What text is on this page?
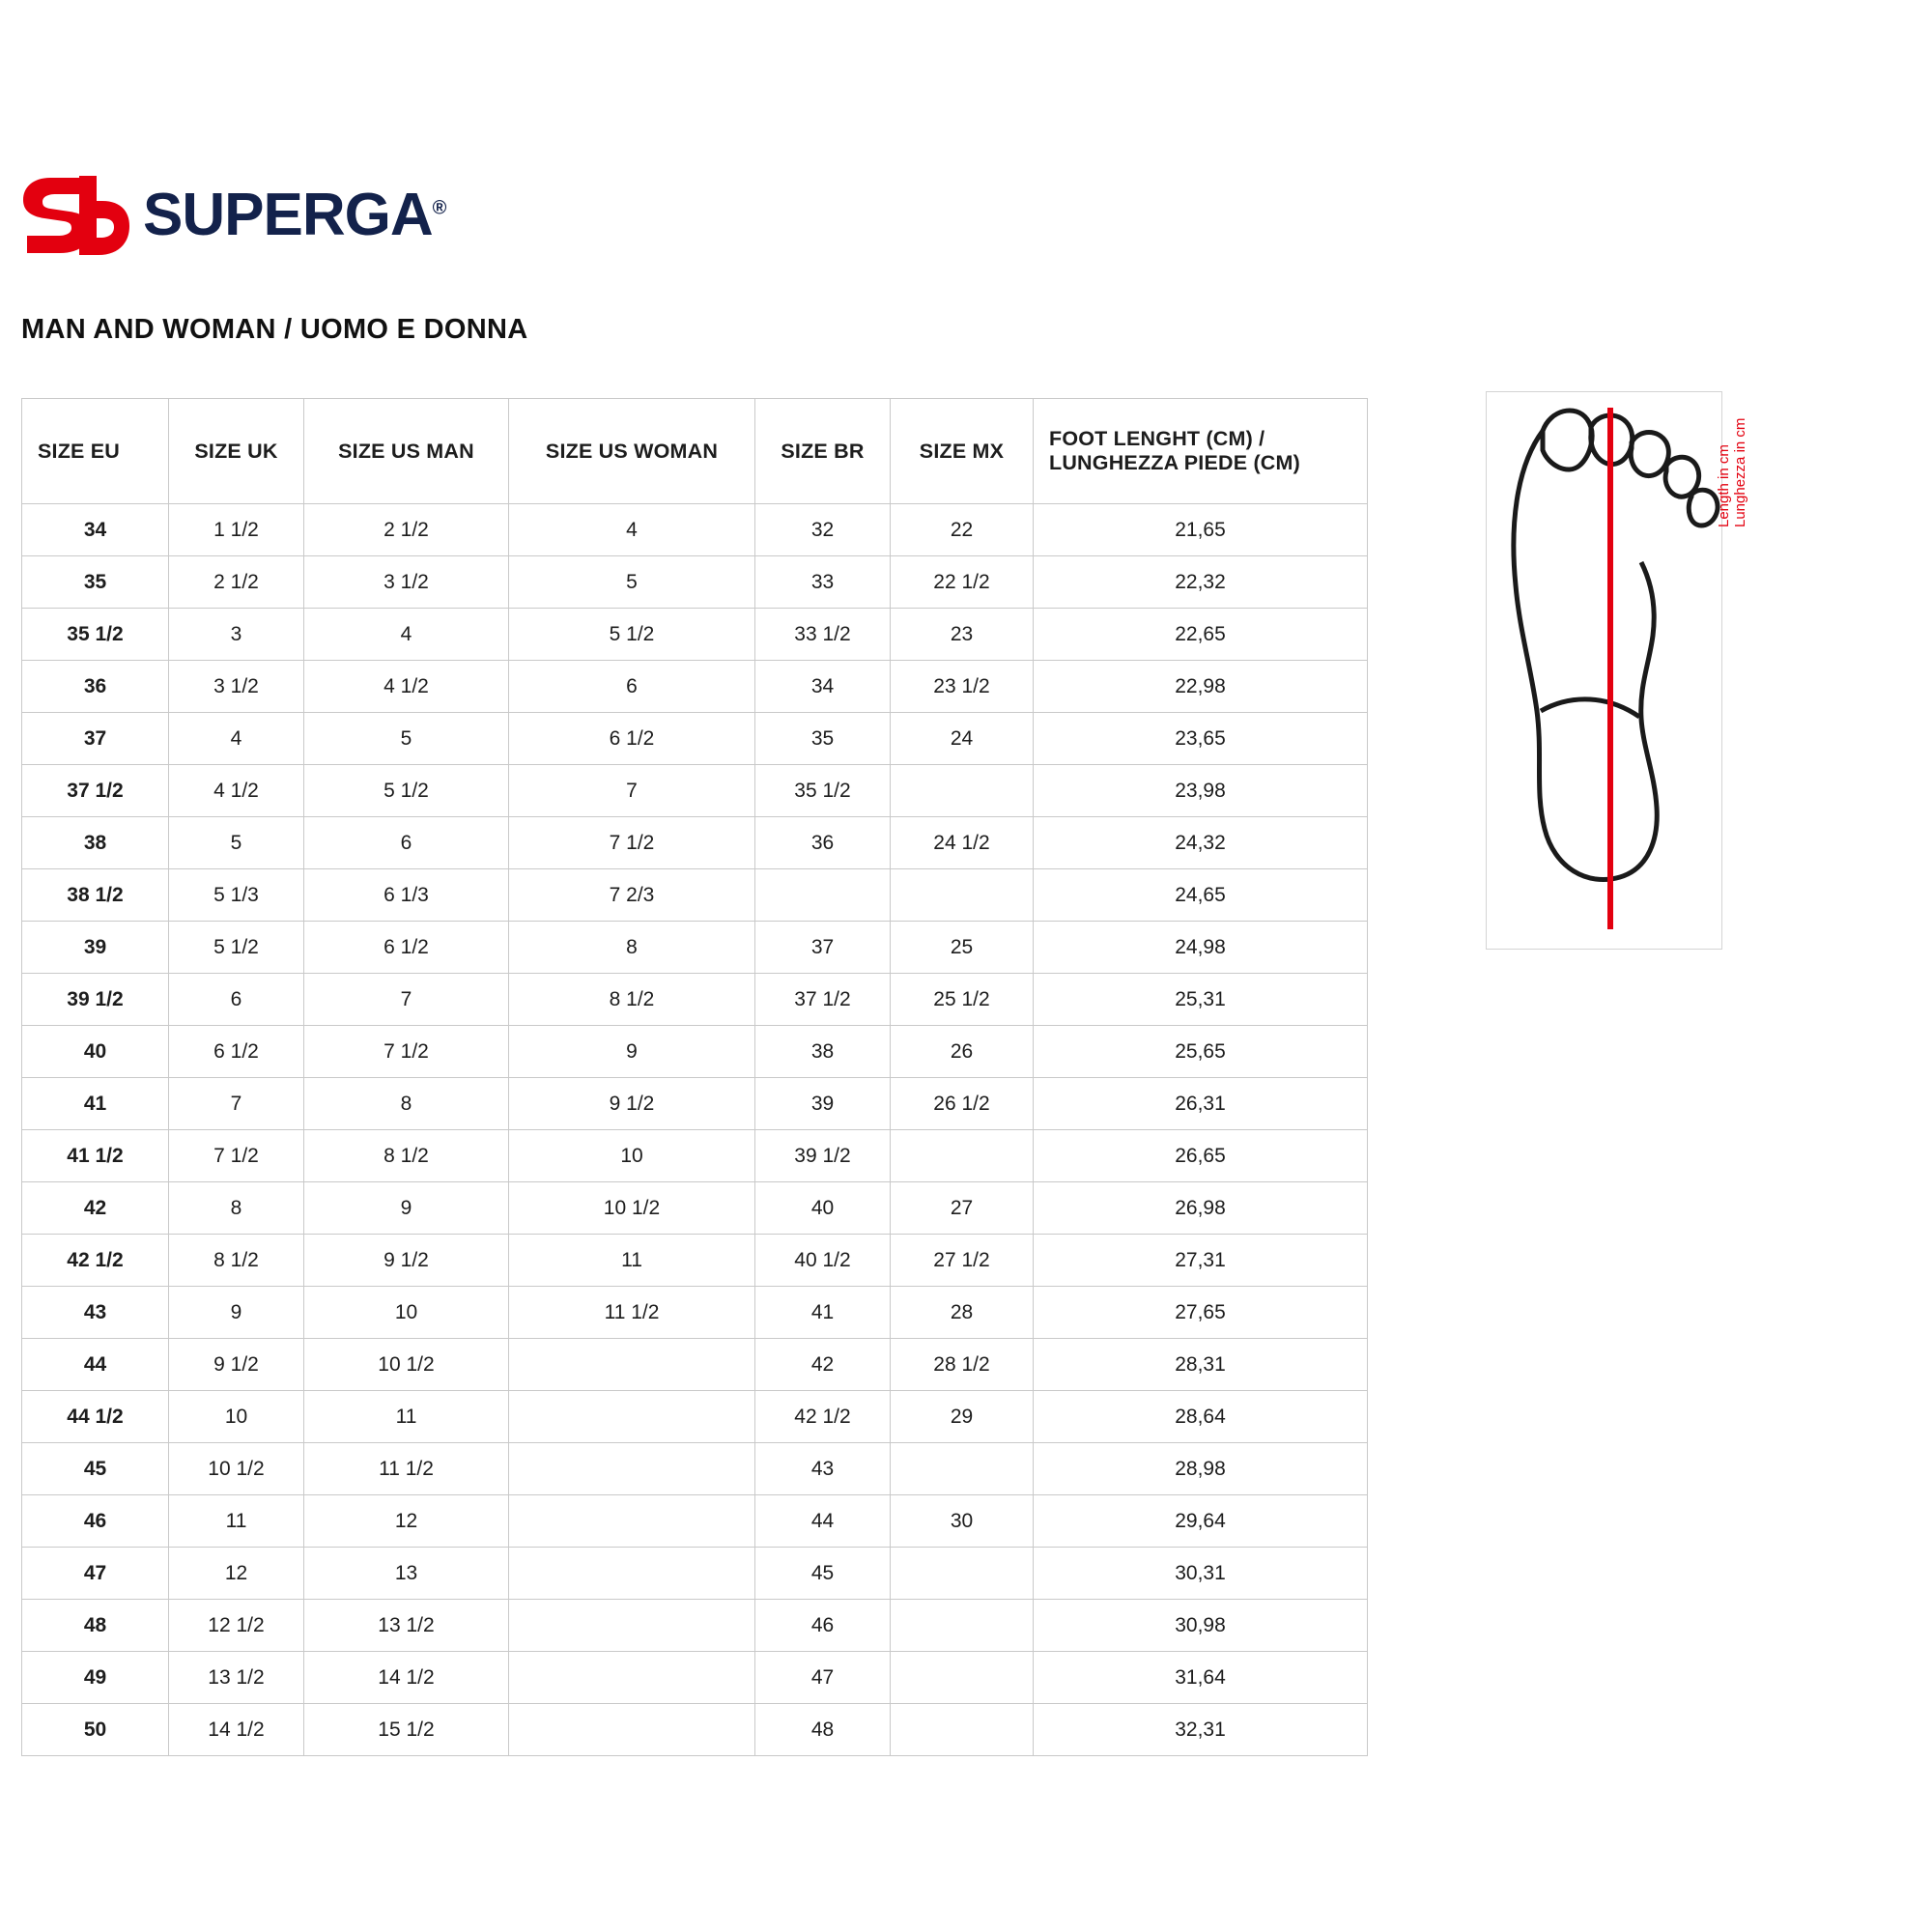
SUPERGA®
MAN AND WOMAN / UOMO E DONNA
SIZE EU	SIZE UK	SIZE US MAN	SIZE US WOMAN	SIZE BR	SIZE MX	FOOT LENGHT (CM) / LUNGHEZZA PIEDE (CM)
34	1 1/2	2 1/2	4	32	22	21,65
35	2 1/2	3 1/2	5	33	22 1/2	22,32
35 1/2	3	4	5 1/2	33 1/2	23	22,65
36	3 1/2	4 1/2	6	34	23 1/2	22,98
37	4	5	6 1/2	35	24	23,65
37 1/2	4 1/2	5 1/2	7	35 1/2		23,98
38	5	6	7 1/2	36	24 1/2	24,32
38 1/2	5 1/3	6 1/3	7 2/3			24,65
39	5 1/2	6 1/2	8	37	25	24,98
39 1/2	6	7	8 1/2	37 1/2	25 1/2	25,31
40	6 1/2	7 1/2	9	38	26	25,65
41	7	8	9 1/2	39	26 1/2	26,31
41 1/2	7 1/2	8 1/2	10	39 1/2		26,65
42	8	9	10 1/2	40	27	26,98
42 1/2	8 1/2	9 1/2	11	40 1/2	27 1/2	27,31
43	9	10	11 1/2	41	28	27,65
44	9 1/2	10 1/2		42	28 1/2	28,31
44 1/2	10	11		42 1/2	29	28,64
45	10 1/2	11 1/2		43		28,98
46	11	12		44	30	29,64
47	12	13		45		30,31
48	12 1/2	13 1/2		46		30,98
49	13 1/2	14 1/2		47		31,64
50	14 1/2	15 1/2		48		32,31
Length in cm Lunghezza in cm
